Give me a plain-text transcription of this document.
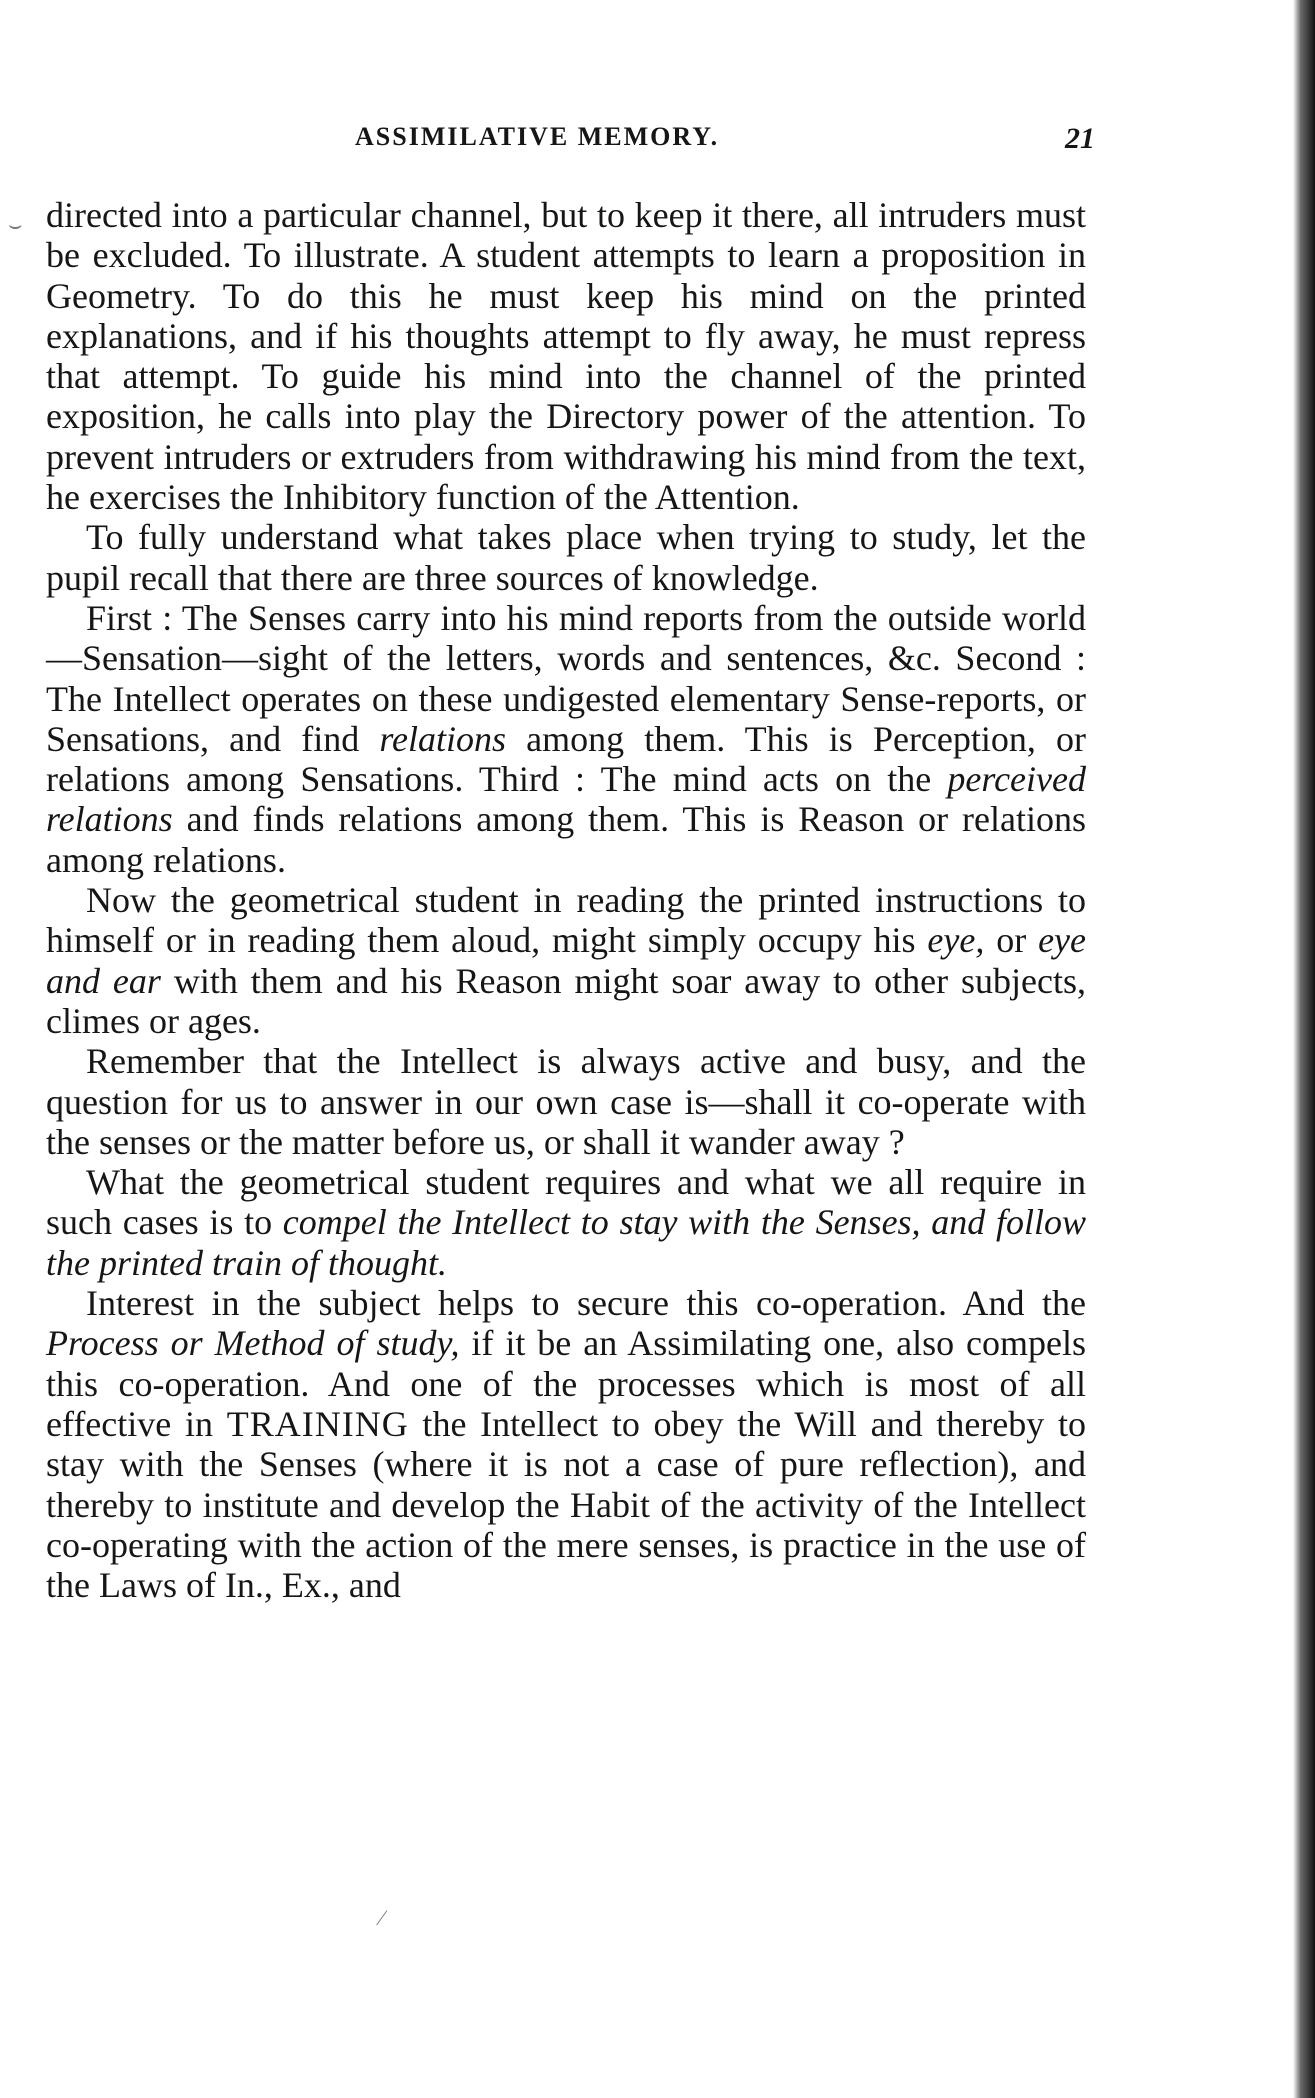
ASSIMILATIVE MEMORY.	21
⌣ directed into a particular channel, but to keep it there, all intruders must be excluded. To illustrate. A student attempts to learn a proposition in Geometry. To do this he must keep his mind on the printed explanations, and if his thoughts attempt to fly away, he must repress that attempt. To guide his mind into the channel of the printed exposition, he calls into play the Directory power of the attention. To prevent intruders or extruders from withdrawing his mind from the text, he exercises the Inhibitory function of the Attention.

To fully understand what takes place when trying to study, let the pupil recall that there are three sources of knowledge.

First : The Senses carry into his mind reports from the outside world—Sensation—sight of the letters, words and sentences, &c. Second : The Intellect operates on these undigested elementary Sense-reports, or Sensations, and find relations among them. This is Perception, or relations among Sensations. Third : The mind acts on the perceived relations and finds relations among them. This is Reason or relations among relations.

Now the geometrical student in reading the printed instructions to himself or in reading them aloud, might simply occupy his eye, or eye and ear with them and his Reason might soar away to other subjects, climes or ages.

Remember that the Intellect is always active and busy, and the question for us to answer in our own case is—shall it co-operate with the senses or the matter before us, or shall it wander away ?

What the geometrical student requires and what we all require in such cases is to compel the Intellect to stay with the Senses, and follow the printed train of thought.

Interest in the subject helps to secure this co-operation. And the Process or Method of study, if it be an Assimilating one, also compels this co-operation. And one of the processes which is most of all effective in TRAINING the Intellect to obey the Will and thereby to stay with the Senses (where it is not a case of pure reflection), and thereby to institute and develop the Habit of the activity of the Intellect co-operating with the action of the mere senses, is practice in the use of the Laws of In., Ex., and

⁄
